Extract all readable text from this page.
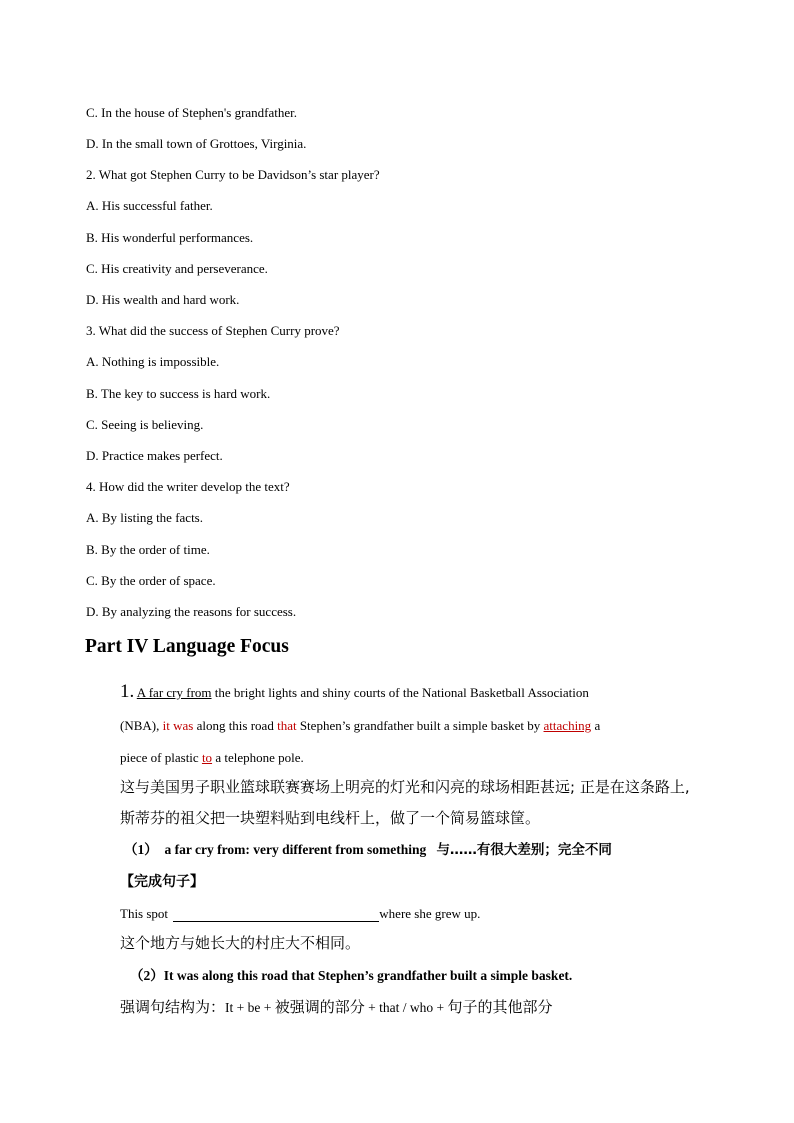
C. In the house of Stephen's grandfather.
D. In the small town of Grottoes, Virginia.
2. What got Stephen Curry to be Davidson’s star player?
A. His successful father.
B. His wonderful performances.
C. His creativity and perseverance.
D. His wealth and hard work.
3. What did the success of Stephen Curry prove?
A. Nothing is impossible.
B. The key to success is hard work.
C. Seeing is believing.
D. Practice makes perfect.
4. How did the writer develop the text?
A. By listing the facts.
B. By the order of time.
C. By the order of space.
D. By analyzing the reasons for success.
Part IV Language Focus
1. A far cry from the bright lights and shiny courts of the National Basketball Association
(NBA), it was along this road that Stephen’s grandfather built a simple basket by attaching a
piece of plastic to a telephone pole.
这与美国男子职业篮球联赛赛场上明亮的灯光和闪亮的球场相距甚远; 正是在这条路上,
斯蒂芬的祖父把一块塑料贴到电线杆上，做了一个简易篮球筐。
（1） a far cry from: very different from something 与……有很大差别；完全不同
【完成句子】
This spot	where she grew up.
这个地方与她长大的村庄大不相同。
（2）It was along this road that Stephen’s grandfather built a simple basket.
强调句结构为：It + be + 被强调的部分 + that / who + 句子的其他部分
